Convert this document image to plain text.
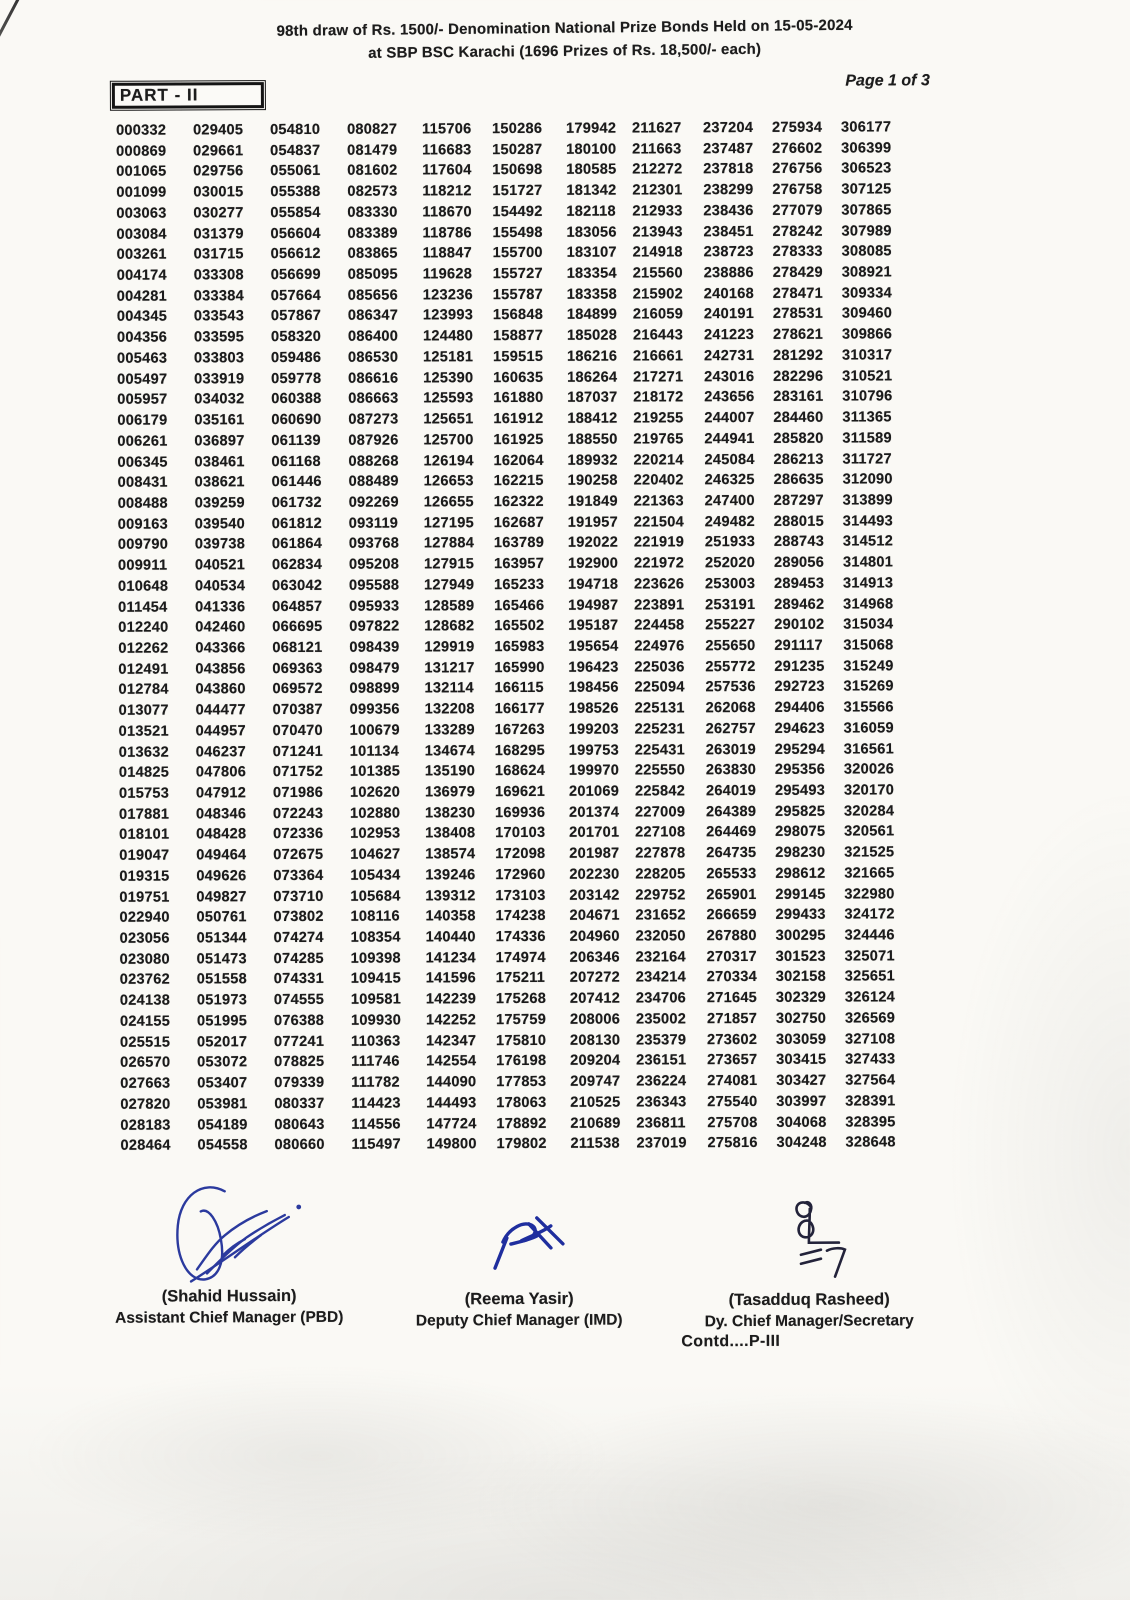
98th draw of Rs. 1500/- Denomination National Prize Bonds Held on 15-05-2024
at SBP BSC Karachi (1696 Prizes of Rs. 18,500/- each)
Page 1 of 3
PART - II
000332	029405	054810	080827	115706	150286	179942	211627	237204	275934	306177
000869	029661	054837	081479	116683	150287	180100	211663	237487	276602	306399
001065	029756	055061	081602	117604	150698	180585	212272	237818	276756	306523
001099	030015	055388	082573	118212	151727	181342	212301	238299	276758	307125
003063	030277	055854	083330	118670	154492	182118	212933	238436	277079	307865
003084	031379	056604	083389	118786	155498	183056	213943	238451	278242	307989
003261	031715	056612	083865	118847	155700	183107	214918	238723	278333	308085
004174	033308	056699	085095	119628	155727	183354	215560	238886	278429	308921
004281	033384	057664	085656	123236	155787	183358	215902	240168	278471	309334
004345	033543	057867	086347	123993	156848	184899	216059	240191	278531	309460
004356	033595	058320	086400	124480	158877	185028	216443	241223	278621	309866
005463	033803	059486	086530	125181	159515	186216	216661	242731	281292	310317
005497	033919	059778	086616	125390	160635	186264	217271	243016	282296	310521
005957	034032	060388	086663	125593	161880	187037	218172	243656	283161	310796
006179	035161	060690	087273	125651	161912	188412	219255	244007	284460	311365
006261	036897	061139	087926	125700	161925	188550	219765	244941	285820	311589
006345	038461	061168	088268	126194	162064	189932	220214	245084	286213	311727
008431	038621	061446	088489	126653	162215	190258	220402	246325	286635	312090
008488	039259	061732	092269	126655	162322	191849	221363	247400	287297	313899
009163	039540	061812	093119	127195	162687	191957	221504	249482	288015	314493
009790	039738	061864	093768	127884	163789	192022	221919	251933	288743	314512
009911	040521	062834	095208	127915	163957	192900	221972	252020	289056	314801
010648	040534	063042	095588	127949	165233	194718	223626	253003	289453	314913
011454	041336	064857	095933	128589	165466	194987	223891	253191	289462	314968
012240	042460	066695	097822	128682	165502	195187	224458	255227	290102	315034
012262	043366	068121	098439	129919	165983	195654	224976	255650	291117	315068
012491	043856	069363	098479	131217	165990	196423	225036	255772	291235	315249
012784	043860	069572	098899	132114	166115	198456	225094	257536	292723	315269
013077	044477	070387	099356	132208	166177	198526	225131	262068	294406	315566
013521	044957	070470	100679	133289	167263	199203	225231	262757	294623	316059
013632	046237	071241	101134	134674	168295	199753	225431	263019	295294	316561
014825	047806	071752	101385	135190	168624	199970	225550	263830	295356	320026
015753	047912	071986	102620	136979	169621	201069	225842	264019	295493	320170
017881	048346	072243	102880	138230	169936	201374	227009	264389	295825	320284
018101	048428	072336	102953	138408	170103	201701	227108	264469	298075	320561
019047	049464	072675	104627	138574	172098	201987	227878	264735	298230	321525
019315	049626	073364	105434	139246	172960	202230	228205	265533	298612	321665
019751	049827	073710	105684	139312	173103	203142	229752	265901	299145	322980
022940	050761	073802	108116	140358	174238	204671	231652	266659	299433	324172
023056	051344	074274	108354	140440	174336	204960	232050	267880	300295	324446
023080	051473	074285	109398	141234	174974	206346	232164	270317	301523	325071
023762	051558	074331	109415	141596	175211	207272	234214	270334	302158	325651
024138	051973	074555	109581	142239	175268	207412	234706	271645	302329	326124
024155	051995	076388	109930	142252	175759	208006	235002	271857	302750	326569
025515	052017	077241	110363	142347	175810	208130	235379	273602	303059	327108
026570	053072	078825	111746	142554	176198	209204	236151	273657	303415	327433
027663	053407	079339	111782	144090	177853	209747	236224	274081	303427	327564
027820	053981	080337	114423	144493	178063	210525	236343	275540	303997	328391
028183	054189	080643	114556	147724	178892	210689	236811	275708	304068	328395
028464	054558	080660	115497	149800	179802	211538	237019	275816	304248	328648
(Shahid Hussain)
Assistant Chief Manager (PBD)
(Reema Yasir)
Deputy Chief Manager (IMD)
(Tasadduq Rasheed)
Dy. Chief Manager/Secretary
Contd....P-III
